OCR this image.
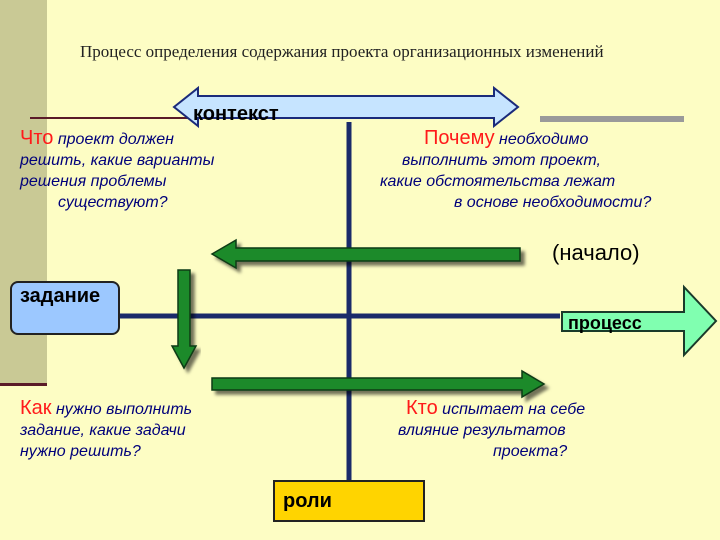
Процесс определения содержания проекта организационных изменений
контекст
(начало)
процесс
задание
роли
Что проект должен
решить, какие варианты
решения проблемы
существуют?
Почему необходимо
выполнить этот проект,
какие обстоятельства лежат
в основе необходимости?
Как нужно выполнить
задание, какие задачи
нужно решить?
Кто испытает на себе
влияние результатов
проекта?
